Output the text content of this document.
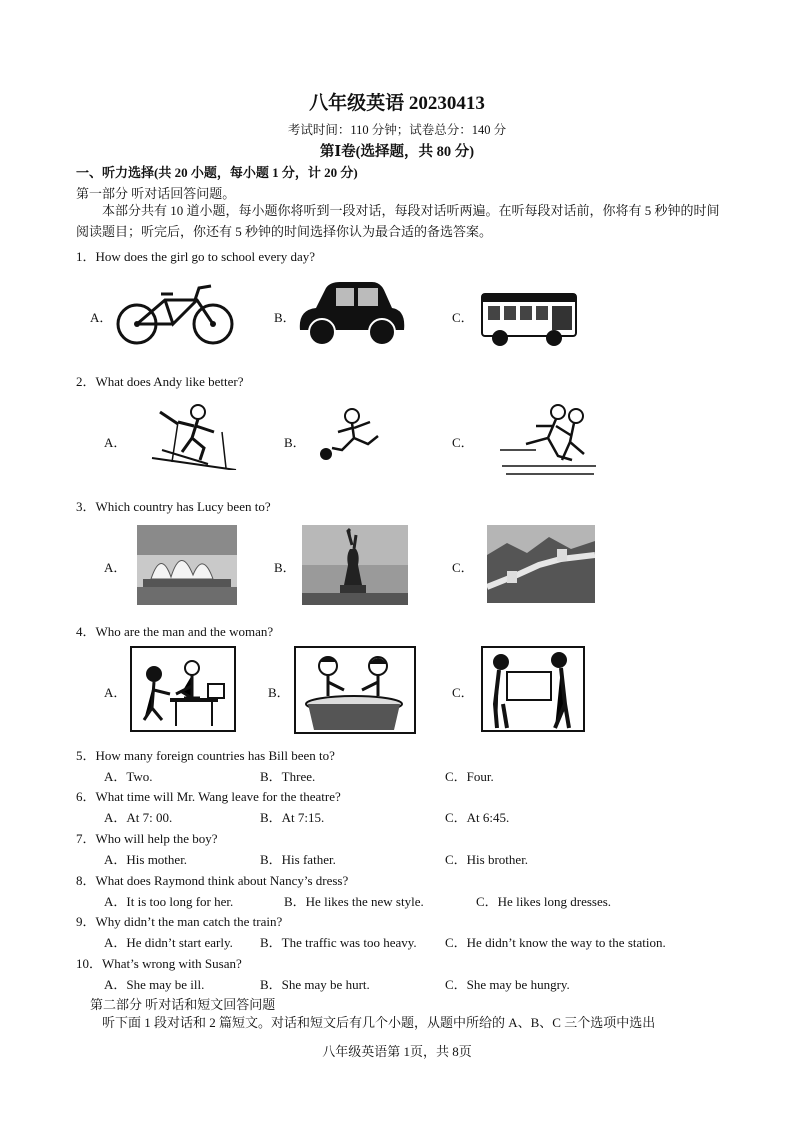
八年级英语 20230413
考试时间：110 分钟；试卷总分：140 分
第Ⅰ卷(选择题，共 80 分)
一、听力选择(共 20 小题，每小题 1 分，计 20 分)
第一部分 听对话回答问题。
本部分共有 10 道小题，每小题你将听到一段对话，每段对话听两遍。在听每段对话前，你将有 5 秒钟的时间阅读题目；听完后，你还有 5 秒钟的时间选择你认为最合适的备选答案。
1．How does the girl go to school every day?
A．	B．	C．
2．What does Andy like better?
A．	B．	C．
3．Which country has Lucy been to?
A．	B．	C．
4．Who are the man and the woman?
A．	B．	C．
5．How many foreign countries has Bill been to?
A．Two.	B．Three.	C．Four.
6．What time will Mr. Wang leave for the theatre?
A．At 7: 00.	B．At 7:15.	C．At 6:45.
7．Who will help the boy?
A．His mother.	B．His father.	C．His brother.
8．What does Raymond think about Nancy’s dress?
A．It is too long for her.	B．He likes the new style.	C．He likes long dresses.
9．Why didn’t the man catch the train?
A．He didn’t start early. B．The traffic was too heavy. C．He didn’t know the way to the station.
10．What’s wrong with Susan?
A．She may be ill.	B．She may be hurt.	C．She may be hungry.
第二部分 听对话和短文回答问题
听下面 1 段对话和 2 篇短文。对话和短文后有几个小题，从题中所给的 A、B、C 三个选项中选出
八年级英语第 1页，共 8页
